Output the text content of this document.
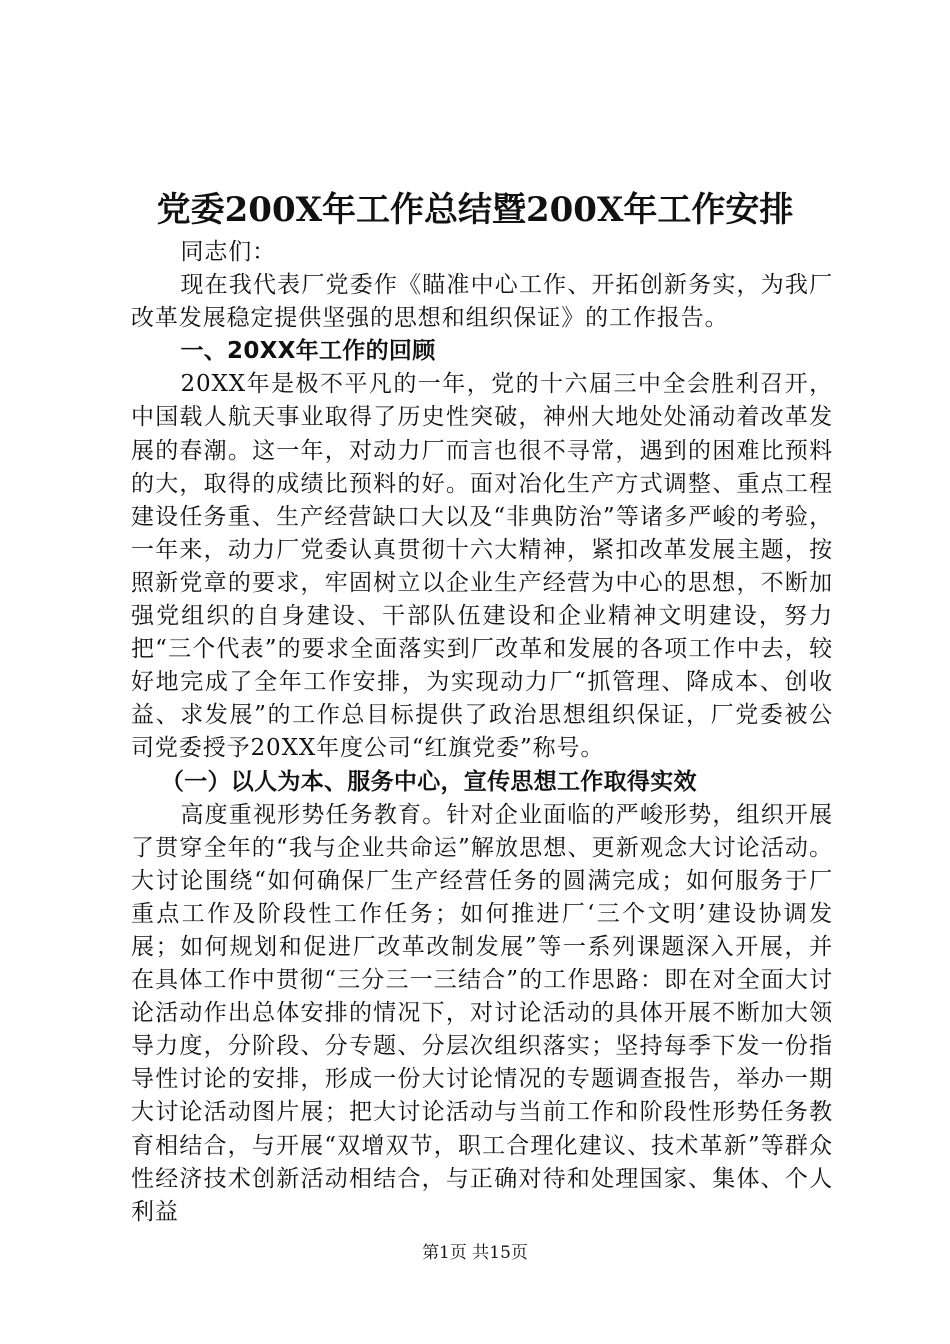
党委200X年工作总结暨200X年工作安排

同志们：

现在我代表厂党委作《瞄准中心工作、开拓创新务实，为我厂改革发展稳定提供坚强的思想和组织保证》的工作报告。

一、20XX年工作的回顾

20XX年是极不平凡的一年，党的十六届三中全会胜利召开，中国载人航天事业取得了历史性突破，神州大地处处涌动着改革发展的春潮。这一年，对动力厂而言也很不寻常，遇到的困难比预料的大，取得的成绩比预料的好。面对冶化生产方式调整、重点工程建设任务重、生产经营缺口大以及“非典防治”等诸多严峻的考验，一年来，动力厂党委认真贯彻十六大精神，紧扣改革发展主题，按照新党章的要求，牢固树立以企业生产经营为中心的思想，不断加强党组织的自身建设、干部队伍建设和企业精神文明建设，努力把“三个代表”的要求全面落实到厂改革和发展的各项工作中去，较好地完成了全年工作安排，为实现动力厂“抓管理、降成本、创收益、求发展”的工作总目标提供了政治思想组织保证，厂党委被公司党委授予20XX年度公司“红旗党委”称号。

（一）以人为本、服务中心，宣传思想工作取得实效

高度重视形势任务教育。针对企业面临的严峻形势，组织开展了贯穿全年的“我与企业共命运”解放思想、更新观念大讨论活动。大讨论围绕“如何确保厂生产经营任务的圆满完成；如何服务于厂重点工作及阶段性工作任务；如何推进厂‘三个文明’建设协调发展；如何规划和促进厂改革改制发展”等一系列课题深入开展，并在具体工作中贯彻“三分三一三结合”的工作思路：即在对全面大讨论活动作出总体安排的情况下，对讨论活动的具体开展不断加大领导力度，分阶段、分专题、分层次组织落实；坚持每季下发一份指导性讨论的安排，形成一份大讨论情况的专题调查报告，举办一期大讨论活动图片展；把大讨论活动与当前工作和阶段性形势任务教育相结合，与开展“双增双节，职工合理化建议、技术革新”等群众性经济技术创新活动相结合，与正确对待和处理国家、集体、个人利益

第1页 共15页
